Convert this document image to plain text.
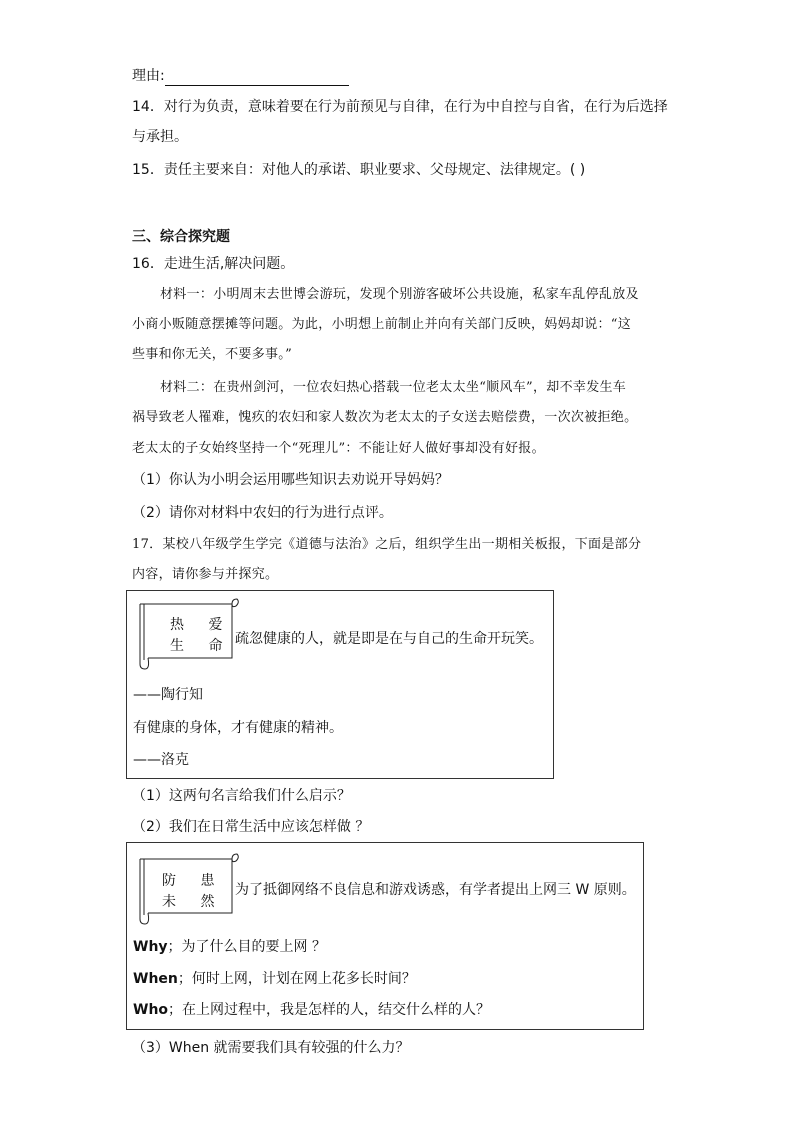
理由:
14．对行为负责，意味着要在行为前预见与自律，在行为中自控与自省，在行为后选择
与承担。
15．责任主要来自：对他人的承诺、职业要求、父母规定、法律规定。( )
三、综合探究题
16．走进生活,解决问题。
材料一：小明周末去世博会游玩，发现个别游客破坏公共设施，私家车乱停乱放及
小商小贩随意摆摊等问题。为此，小明想上前制止并向有关部门反映，妈妈却说：“这
些事和你无关，不要多事。”
材料二：在贵州剑河，一位农妇热心搭载一位老太太坐“顺风车”，却不幸发生车
祸导致老人罹难，愧疚的农妇和家人数次为老太太的子女送去赔偿费，一次次被拒绝。
老太太的子女始终坚持一个“死理儿”：不能让好人做好事却没有好报。
（1）你认为小明会运用哪些知识去劝说开导妈妈？
（2）请你对材料中农妇的行为进行点评。
17．某校八年级学生学完《道德与法治》之后，组织学生出一期相关板报，下面是部分
内容，请你参与并探究。
热 爱
生 命 疏忽健康的人，就是即是在与自己的生命开玩笑。
——陶行知
有健康的身体，才有健康的精神。
——洛克
（1）这两句名言给我们什么启示？
（2）我们在日常生活中应该怎样做 ？
防 患
未 然
为了抵御网络不良信息和游戏诱惑，有学者提出上网三 W 原则。
Why；为了什么目的要上网 ？
When；何时上网，计划在网上花多长时间？
Who；在上网过程中，我是怎样的人，结交什么样的人？
（3）When 就需要我们具有较强的什么力？
